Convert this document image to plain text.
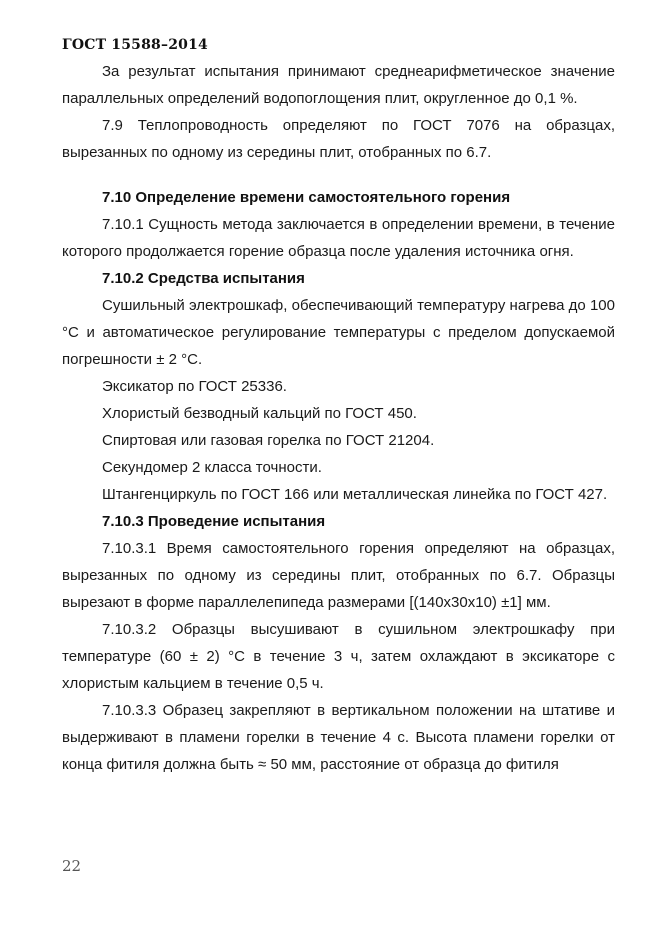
ГОСТ 15588–2014

За результат испытания принимают среднеарифметическое значение параллельных определений водопоглощения плит, округленное до 0,1 %.

7.9 Теплопроводность определяют по ГОСТ 7076 на образцах, вырезанных по одному из середины плит, отобранных по 6.7.

7.10 Определение времени самостоятельного горения

7.10.1 Сущность метода заключается в определении времени, в течение которого продолжается горение образца после удаления источника огня.

7.10.2 Средства испытания

Сушильный электрошкаф, обеспечивающий температуру нагрева до 100 °С и автоматическое регулирование температуры с пределом допускаемой погрешности ± 2 °С.

Эксикатор по ГОСТ 25336.

Хлористый безводный кальций по ГОСТ 450.

Спиртовая или газовая горелка по ГОСТ 21204.

Секундомер 2 класса точности.

Штангенциркуль по ГОСТ 166 или металлическая линейка по ГОСТ 427.

7.10.3 Проведение испытания

7.10.3.1 Время самостоятельного горения определяют на образцах, вырезанных по одному из середины плит, отобранных по 6.7. Образцы вырезают в форме параллелепипеда размерами [(140х30х10) ±1] мм.

7.10.3.2 Образцы высушивают в сушильном электрошкафу при температуре (60 ± 2) °С в течение 3 ч, затем охлаждают в эксикаторе с хлористым кальцием в течение 0,5 ч.

7.10.3.3 Образец закрепляют в вертикальном положении на штативе и выдерживают в пламени горелки в течение 4 с. Высота пламени горелки от конца фитиля должна быть ≈ 50 мм, расстояние от образца до фитиля

22
